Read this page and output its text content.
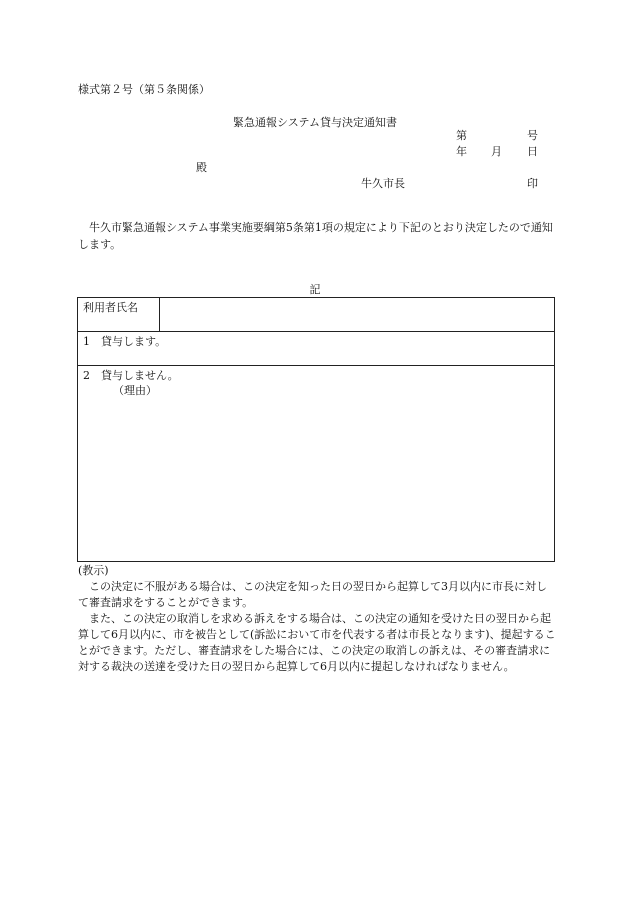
様式第２号（第５条関係）
緊急通報システム貸与決定通知書
第	号
年 月 日
殿
牛久市長	印
牛久市緊急通報システム事業実施要綱第5条第1項の規定により下記のとおり決定したので通知します。
記
利用者氏名
1　貸与します。
2　貸与しません。
（理由）

(教示)

この決定に不服がある場合は、この決定を知った日の翌日から起算して3月以内に市長に対して審査請求をすることができます。

また、この決定の取消しを求める訴えをする場合は、この決定の通知を受けた日の翌日から起算して6月以内に、市を被告として(訴訟において市を代表する者は市長となります)、提起することができます。ただし、審査請求をした場合には、この決定の取消しの訴えは、その審査請求に対する裁決の送達を受けた日の翌日から起算して6月以内に提起しなければなりません。
